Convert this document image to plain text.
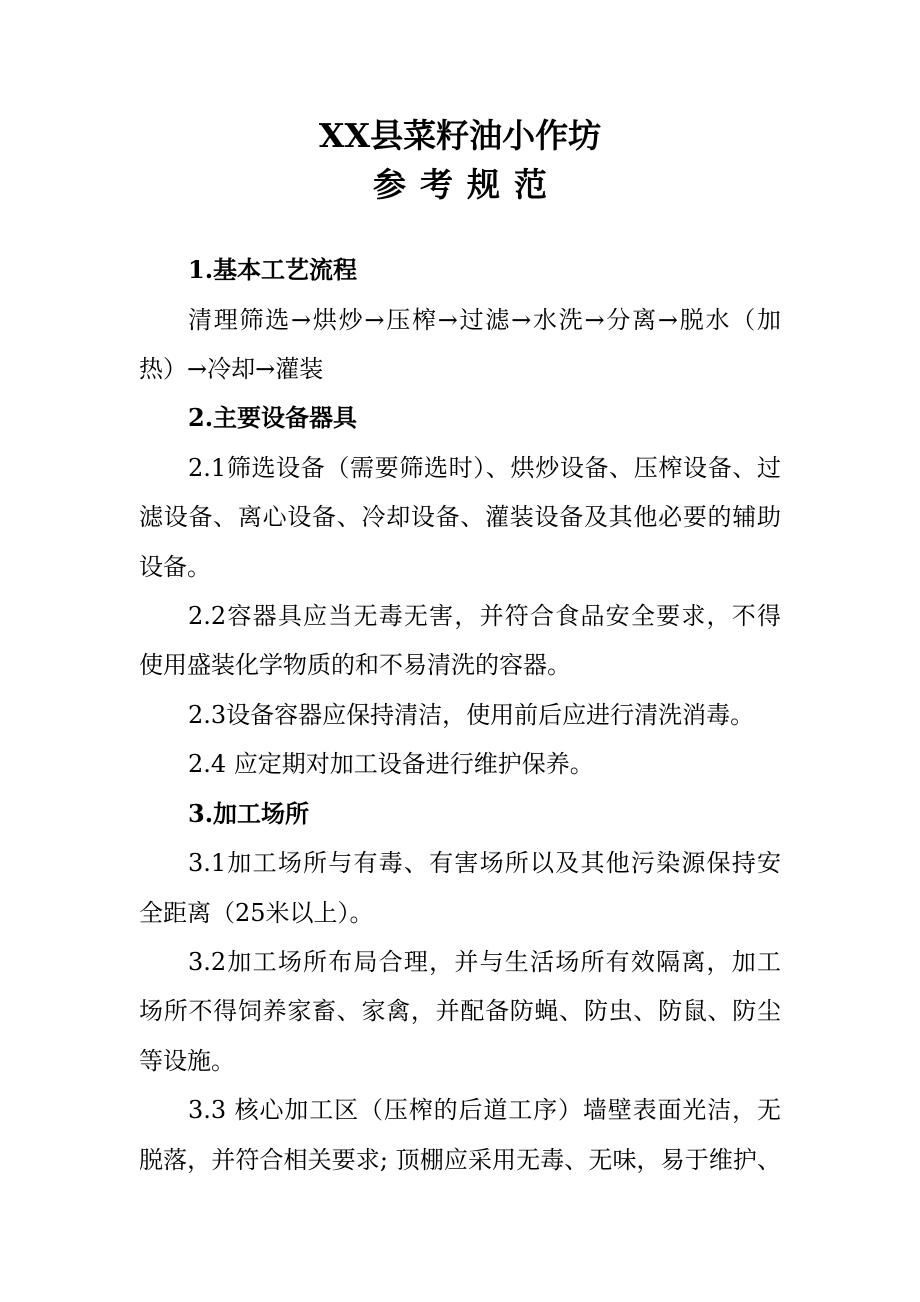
XX县菜籽油小作坊
参考规范
1.基本工艺流程
清理筛选→烘炒→压榨→过滤→水洗→分离→脱水（加
热）→冷却→灌装
2.主要设备器具
2.1筛选设备（需要筛选时）、烘炒设备、压榨设备、过
滤设备、离心设备、冷却设备、灌装设备及其他必要的辅助
设备。
2.2容器具应当无毒无害，并符合食品安全要求，不得
使用盛装化学物质的和不易清洗的容器。
2.3设备容器应保持清洁，使用前后应进行清洗消毒。
2.4 应定期对加工设备进行维护保养。
3.加工场所
3.1加工场所与有毒、有害场所以及其他污染源保持安
全距离（25米以上）。
3.2加工场所布局合理，并与生活场所有效隔离，加工
场所不得饲养家畜、家禽，并配备防蝇、防虫、防鼠、防尘
等设施。
3.3 核心加工区（压榨的后道工序）墙壁表面光洁，无
脱落，并符合相关要求; 顶棚应采用无毒、无味，易于维护、
